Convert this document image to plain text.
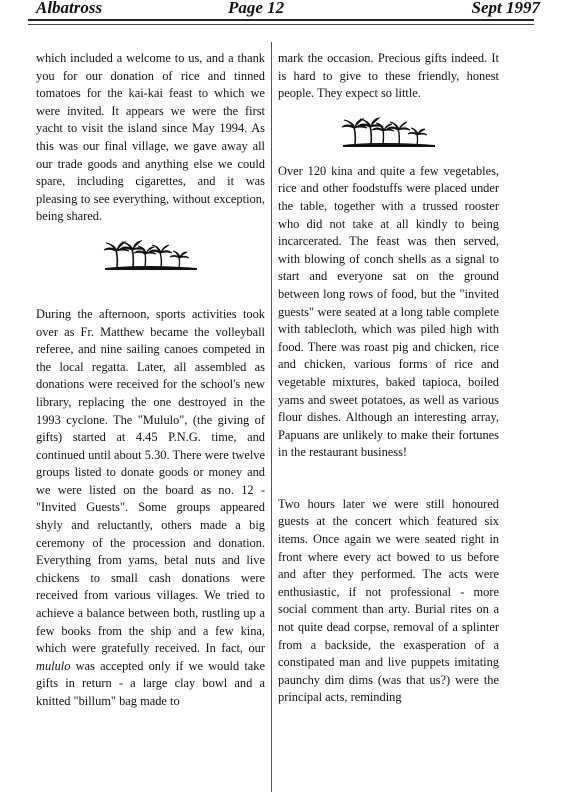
Albatross	Page 12	Sept 1997

which included a welcome to us, and a thank you for our donation of rice and tinned tomatoes for the kai-kai feast to which we were invited. It appears we were the first yacht to visit the island since May 1994. As this was our final village, we gave away all our trade goods and anything else we could spare, including cigarettes, and it was pleasing to see everything, without exception, being shared.

During the afternoon, sports activities took over as Fr. Matthew became the volleyball referee, and nine sailing canoes competed in the local regatta. Later, all assembled as donations were received for the school's new library, replacing the one destroyed in the 1993 cyclone. The "Mululo", (the giving of gifts) started at 4.45 P.N.G. time, and continued until about 5.30. There were twelve groups listed to donate goods or money and we were listed on the board as no. 12 - "Invited Guests". Some groups appeared shyly and reluctantly, others made a big ceremony of the procession and donation. Everything from yams, betal nuts and live chickens to small cash donations were received from various villages. We tried to achieve a balance between both, rustling up a few books from the ship and a few kina, which were gratefully received. In fact, our mululo was accepted only if we would take gifts in return - a large clay bowl and a knitted "billum" bag made to

mark the occasion. Precious gifts indeed. It is hard to give to these friendly, honest people. They expect so little.

Over 120 kina and quite a few vegetables, rice and other foodstuffs were placed under the table, together with a trussed rooster who did not take at all kindly to being incarcerated. The feast was then served, with blowing of conch shells as a signal to start and everyone sat on the ground between long rows of food, but the "invited guests" were seated at a long table complete with tablecloth, which was piled high with food. There was roast pig and chicken, rice and chicken, various forms of rice and vegetable mixtures, baked tapioca, boiled yams and sweet potatoes, as well as various flour dishes. Although an interesting array, Papuans are unlikely to make their fortunes in the restaurant business!

Two hours later we were still honoured guests at the concert which featured six items. Once again we were seated right in front where every act bowed to us before and after they performed. The acts were enthusiastic, if not professional - more social comment than arty. Burial rites on a not quite dead corpse, removal of a splinter from a backside, the exasperation of a constipated man and live puppets imitating paunchy dim dims (was that us?) were the principal acts, reminding
